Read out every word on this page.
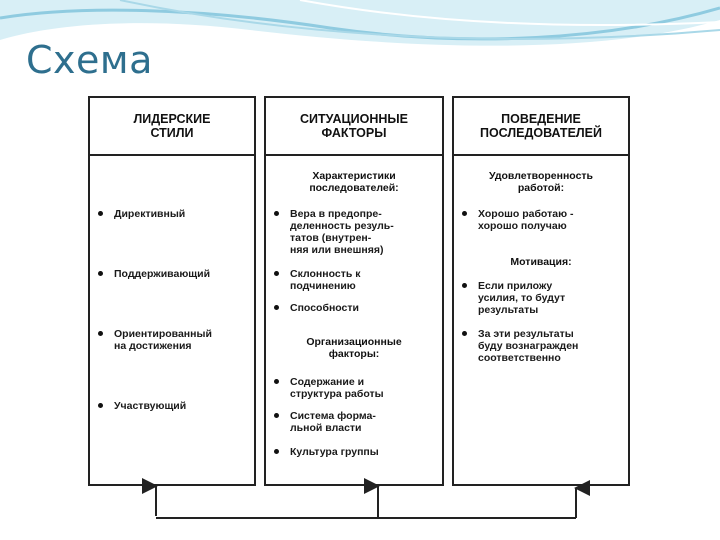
Схема
ЛИДЕРСКИЕ
СТИЛИ
Директивный
Поддерживающий
Ориентированный
на достижения
Участвующий
СИТУАЦИОННЫЕ
ФАКТОРЫ
Характеристики
последователей:
Вера в предопре-
деленность резуль-
татов (внутрен-
няя или внешняя)
Склонность к
подчинению
Способности
Организационные
факторы:
Содержание и
структура работы
Система форма-
льной власти
Культура группы
ПОВЕДЕНИЕ
ПОСЛЕДОВАТЕЛЕЙ
Удовлетворенность
работой:
Хорошо работаю -
хорошо получаю
Мотивация:
Если приложу
усилия, то будут
результаты
За эти результаты
буду вознагражден
соответственно
